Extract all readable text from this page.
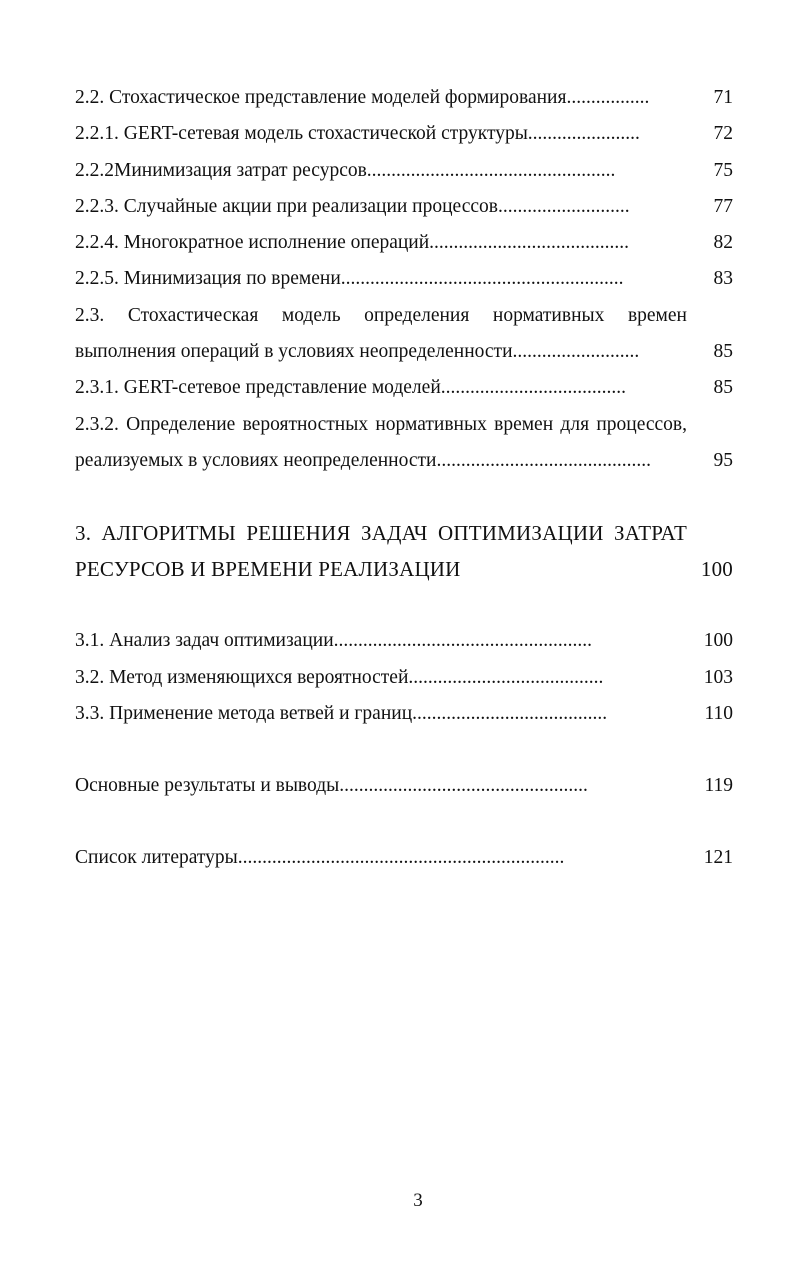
2.2. Стохастическое представление моделей формирования.................	71
2.2.1. GERT-сетевая модель стохастической структуры.......................	72
2.2.2Минимизация затрат ресурсов...................................................	75
2.2.3. Случайные акции при реализации процессов...........................	77
2.2.4. Многократное исполнение операций.........................................	82
2.2.5. Минимизация по времени..........................................................	83
2.3. Стохастическая модель определения нормативных времен
выполнения операций в условиях неопределенности..........................	85
2.3.1. GERT-сетевое представление моделей......................................	85
2.3.2. Определение вероятностных нормативных времен для процессов,
реализуемых в условиях неопределенности............................................	95
3. АЛГОРИТМЫ РЕШЕНИЯ ЗАДАЧ ОПТИМИЗАЦИИ ЗАТРАТ
РЕСУРСОВ И ВРЕМЕНИ РЕАЛИЗАЦИИ	100
3.1. Анализ задач оптимизации.....................................................	100
3.2. Метод изменяющихся вероятностей........................................	103
3.3. Применение метода ветвей и границ........................................	110
Основные результаты и выводы...................................................	119
Список литературы...................................................................	121
3
